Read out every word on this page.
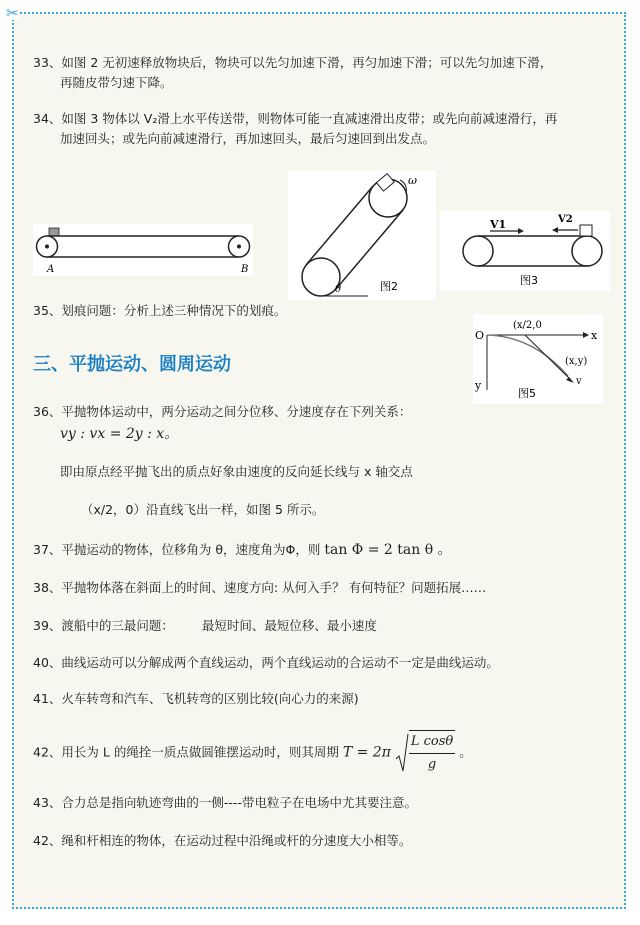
✂
33、如图 2 无初速释放物块后，物块可以先匀加速下滑，再匀加速下滑；可以先匀加速下滑，
再随皮带匀速下降。
34、如图 3 物体以 V₂滑上水平传送带，则物体可能一直减速滑出皮带；或先向前减速滑行，再
加速回头；或先向前减速滑行，再加速回头，最后匀速回到出发点。
A	B
ω
θ	图2
V1	V2
图3
35、划痕问题：分析上述三种情况下的划痕。
O	x
y
(x/2,0
(x,y)
v
图5
三、平抛运动、圆周运动
36、平抛物体运动中，两分运动之间分位移、分速度存在下列关系：
vy : vx = 2y : x。
即由原点经平抛飞出的质点好象由速度的反向延长线与 x 轴交点
（x/2，0）沿直线飞出一样，如图 5 所示。
37、平抛运动的物体，位移角为 θ，速度角为Φ，则 tan Φ = 2 tan θ 。
38、平抛物体落在斜面上的时间、速度方向: 从何入手？ 有何特征？问题拓展……
39、渡船中的三最问题： 最短时间、最短位移、最小速度
40、曲线运动可以分解成两个直线运动，两个直线运动的合运动不一定是曲线运动。
41、火车转弯和汽车、飞机转弯的区别比较(向心力的来源)
42、用长为 L 的绳拴一质点做圆锥摆运动时，则其周期 $T = 2\pi \frac{\text{L cosθ}}{g}$ 。
43、合力总是指向轨迹弯曲的一侧----带电粒子在电场中尤其要注意。
42、绳和杆相连的物体，在运动过程中沿绳或杆的分速度大小相等。
